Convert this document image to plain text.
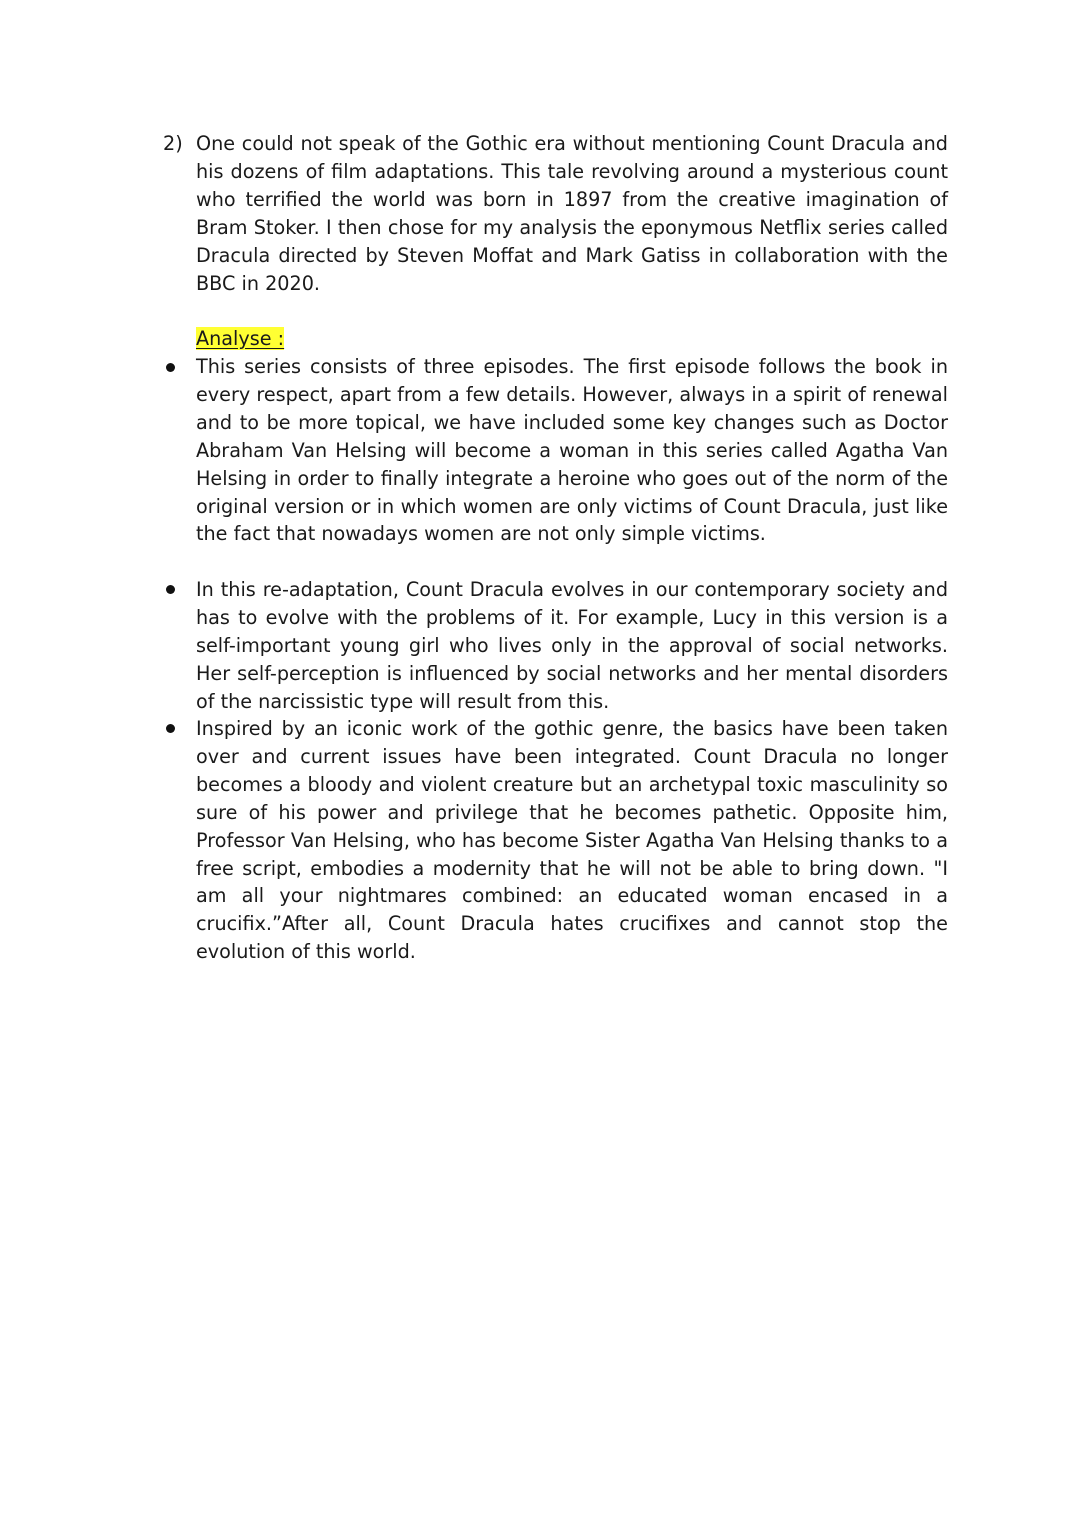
2) One could not speak of the Gothic era without mentioning Count Dracula and his dozens of film adaptations. This tale revolving around a mysterious count who terrified the world was born in 1897 from the creative imagination of Bram Stoker. I then chose for my analysis the eponymous Netflix series called Dracula directed by Steven Moffat and Mark Gatiss in collaboration with the BBC in 2020.
Analyse :
This series consists of three episodes. The first episode follows the book in every respect, apart from a few details. However, always in a spirit of renewal and to be more topical, we have included some key changes such as Doctor Abraham Van Helsing will become a woman in this series called Agatha Van Helsing in order to finally integrate a heroine who goes out of the norm of the original version or in which women are only victims of Count Dracula, just like the fact that nowadays women are not only simple victims.
In this re-adaptation, Count Dracula evolves in our contemporary society and has to evolve with the problems of it. For example, Lucy in this version is a self-important young girl who lives only in the approval of social networks. Her self-perception is influenced by social networks and her mental disorders of the narcissistic type will result from this.
Inspired by an iconic work of the gothic genre, the basics have been taken over and current issues have been integrated. Count Dracula no longer becomes a bloody and violent creature but an archetypal toxic masculinity so sure of his power and privilege that he becomes pathetic. Opposite him, Professor Van Helsing, who has become Sister Agatha Van Helsing thanks to a free script, embodies a modernity that he will not be able to bring down. "I am all your nightmares combined: an educated woman encased in a crucifix.”After all, Count Dracula hates crucifixes and cannot stop the evolution of this world.
